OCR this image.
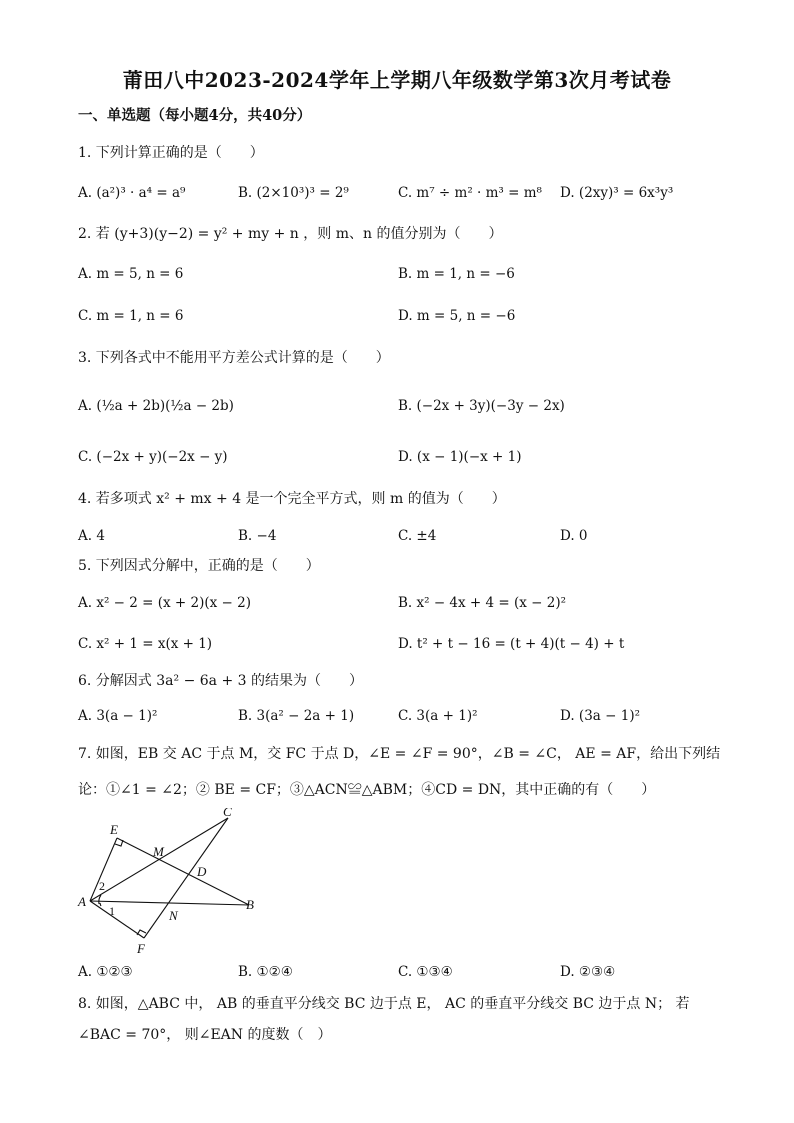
莆田八中2023-2024学年上学期八年级数学第3次月考试卷
一、单选题（每小题4分，共40分）
1. 下列计算正确的是（　　）
A. (a²)³ · a⁴ = a⁹	B. (2×10³)³ = 2⁹	C. m⁷ ÷ m² · m³ = m⁸ D. (2xy)³ = 6x³y³
2. 若 (y+3)(y−2) = y² + my + n ，则 m、n 的值分别为（　　）
A. m = 5, n = 6	B. m = 1, n = −6
C. m = 1, n = 6	D. m = 5, n = −6
3. 下列各式中不能用平方差公式计算的是（　　）
A. (½a + 2b)(½a − 2b)	B. (−2x + 3y)(−3y − 2x)
C. (−2x + y)(−2x − y)	D. (x − 1)(−x + 1)
4. 若多项式 x² + mx + 4 是一个完全平方式，则 m 的值为（　　）
A. 4	B. −4	C. ±4	D. 0
5. 下列因式分解中，正确的是（　　）
A. x² − 2 = (x + 2)(x − 2)	B. x² − 4x + 4 = (x − 2)²
C. x² + 1 = x(x + 1)	D. t² + t − 16 = (t + 4)(t − 4) + t
6. 分解因式 3a² − 6a + 3 的结果为（　　）
A. 3(a − 1)²	B. 3(a² − 2a + 1)	C. 3(a + 1)²	D. (3a − 1)²
7. 如图，EB 交 AC 于点 M，交 FC 于点 D，∠E = ∠F = 90°，∠B = ∠C， AE = AF，给出下列结
论：①∠1 = ∠2；② BE = CF；③△ACN≌△ABM；④CD = DN，其中正确的有（　　）
E
C
M
D
A
N
B
F
2
1
A. ①②③	B. ①②④	C. ①③④	D. ②③④
8. 如图，△ABC 中， AB 的垂直平分线交 BC 边于点 E， AC 的垂直平分线交 BC 边于点 N； 若
∠BAC = 70°， 则∠EAN 的度数（　）
